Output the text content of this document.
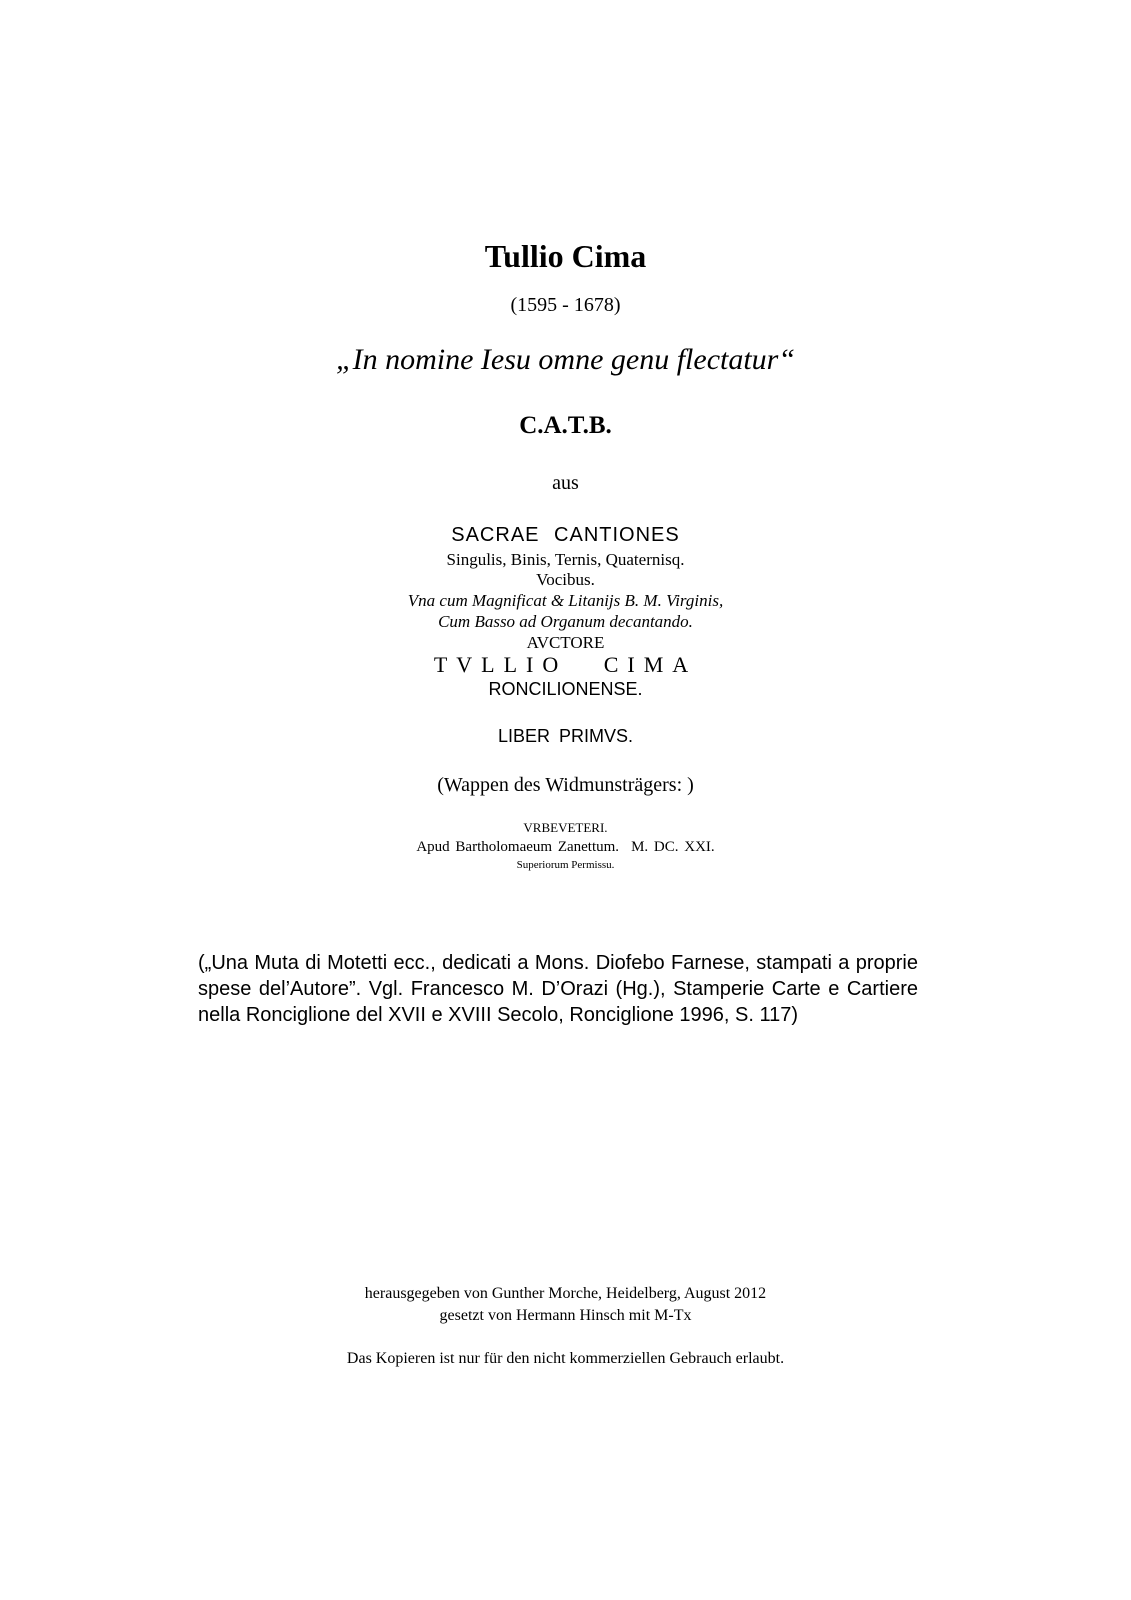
Tullio Cima
(1595 - 1678)
„In nomine Iesu omne genu flectatur“
C.A.T.B.
aus
SACRAE CANTIONES
Singulis, Binis, Ternis, Quaternisq.
Vocibus.
Vna cum Magnificat & Litanijs B. M. Virginis,
Cum Basso ad Organum decantando.
AVCTORE
TVLLIO CIMA
RONCILIONENSE.
LIBER PRIMVS.
(Wappen des Widmunsträgers: )
VRBEVETERI.
Apud Bartholomaeum Zanettum. M. DC. XXI.
Superiorum Permissu.
(„Una Muta di Motetti ecc., dedicati a Mons. Diofebo Farnese, stampati a proprie spese del’Autore”. Vgl. Francesco M. D’Orazi (Hg.), Stamperie Carte e Cartiere nella Ronciglione del XVII e XVIII Secolo, Ronciglione 1996, S. 117)
herausgegeben von Gunther Morche, Heidelberg, August 2012
gesetzt von Hermann Hinsch mit M-Tx
Das Kopieren ist nur für den nicht kommerziellen Gebrauch erlaubt.
